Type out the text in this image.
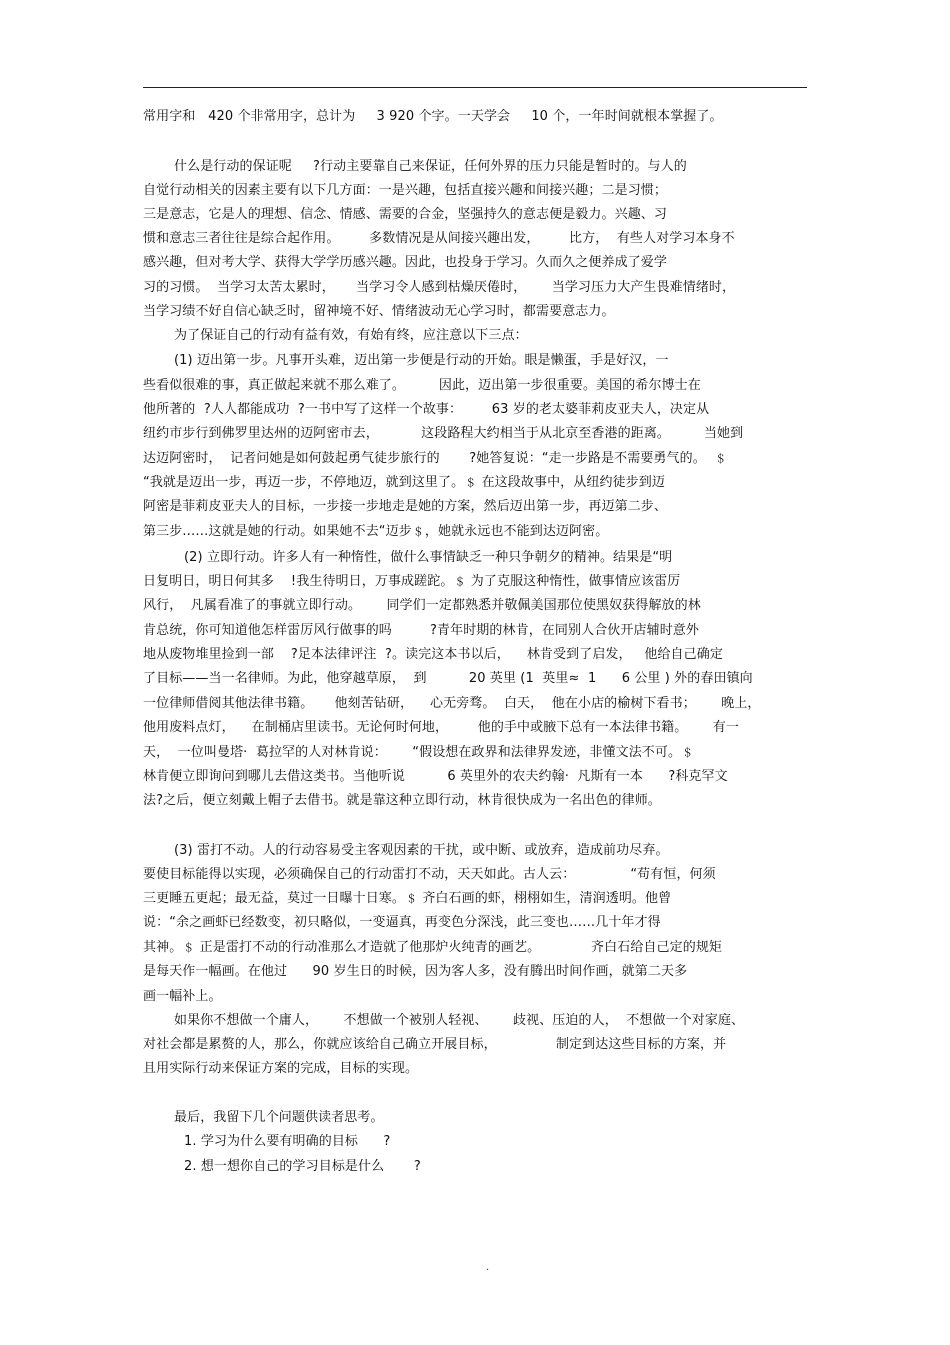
常用字和   420 个非常用字，总计为     3 920 个字。一天学会     10 个，一年时间就根本掌握了。
什么是行动的保证呢     ?行动主要靠自己来保证，任何外界的压力只能是暂时的。与人的
自觉行动相关的因素主要有以下几方面：一是兴趣，包括直接兴趣和间接兴趣；二是习惯；
三是意志，它是人的理想、信念、情感、需要的合金，坚强持久的意志便是毅力。兴趣、习
惯和意志三者往往是综合起作用。       多数情况是从间接兴趣出发，       比方，  有些人对学习本身不
感兴趣，但对考大学、获得大学学历感兴趣。因此，也投身于学习。久而久之便养成了爱学
习的习惯。  当学习太苦太累时，     当学习令人感到枯燥厌倦时，      当学习压力大产生畏难情绪时，
当学习绩不好自信心缺乏时，留神境不好、情绪波动无心学习时，都需要意志力。
为了保证自己的行动有益有效，有始有终，应注意以下三点：
(1) 迈出第一步。凡事开头难，迈出第一步便是行动的开始。眼是懒蛋，手是好汉，一
些看似很难的事，真正做起来就不那么难了。        因此，迈出第一步很重要。美国的希尔博士在
他所著的  ?人人都能成功  ?一书中写了这样一个故事：       63 岁的老太婆菲莉皮亚夫人，决定从
纽约市步行到佛罗里达州的迈阿密市去，          这段路程大约相当于从北京至香港的距离。        当她到
达迈阿密时，  记者问她是如何鼓起勇气徒步旅行的       ?她答复说：“走一步路是不需要勇气的。  ﹩
“我就是迈出一步，再迈一步，不停地迈，就到这里了。﹩ 在这段故事中，从纽约徒步到迈
阿密是菲莉皮亚夫人的目标，一步接一步地走是她的方案，然后迈出第一步，再迈第二步、
第三步……这就是她的行动。如果她不去“迈步﹩，她就永远也不能到达迈阿密。
(2) 立即行动。许多人有一种惰性，做什么事情缺乏一种只争朝夕的精神。结果是“明
日复明日，明日何其多    !我生待明日，万事成蹉跎。﹩ 为了克服这种惰性，做事情应该雷厉
风行，  凡属看准了的事就立即行动。      同学们一定都熟悉并敬佩美国那位使黑奴获得解放的林
肯总统，你可知道他怎样雷厉风行做事的吗         ?青年时期的林肯，在同别人合伙开店辅时意外
地从废物堆里捡到一部    ?足本法律评注  ?。读完这本书以后，    林肯受到了启发，   他给自己确定
了目标——当一名律师。为此，他穿越草原，  到          20 英里 (1  英里≈  1      6 公里 ) 外的春田镇向
一位律师借阅其他法律书籍。     他刻苦钻研，    心无旁骛。  白天，  他在小店的榆树下看书；      晚上，
他用废料点灯，    在制桶店里读书。无论何时何地，       他的手中或腋下总有一本法律书籍。      有一
天，  一位叫曼塔·  葛拉罕的人对林肯说：      “假设想在政界和法律界发迹，非懂文法不可。﹩
林肯便立即询问到哪儿去借这类书。当他听说          6 英里外的农夫约翰·  凡斯有一本      ?科克罕文
法?之后，便立刻戴上帽子去借书。就是靠这种立即行动，林肯很快成为一名出色的律师。
(3) 雷打不动。人的行动容易受主客观因素的干扰，或中断、或放弃，造成前功尽弃。
要使目标能得以实现，必须确保自己的行动雷打不动，天天如此。古人云：             “苟有恒，何须
三更睡五更起；最无益，莫过一日曝十日寒。﹩ 齐白石画的虾，栩栩如生，清润透明。他曾
说：“余之画虾已经数变，初只略似，一变逼真，再变色分深浅，此三变也……几十年才得
其神。﹩ 正是雷打不动的行动准那么才造就了他那炉火纯青的画艺。            齐白石给自己定的规矩
是每天作一幅画。在他过      90 岁生日的时候，因为客人多，没有腾出时间作画，就第二天多
画一幅补上。
如果你不想做一个庸人，      不想做一个被别人轻视、      歧视、压迫的人，  不想做一个对家庭、
对社会都是累赘的人，那么，你就应该给自己确立开展目标，              制定到达这些目标的方案，并
且用实际行动来保证方案的完成，目标的实现。
最后，我留下几个问题供读者思考。
1. 学习为什么要有明确的目标      ?
2. 想一想你自己的学习目标是什么       ?
.
